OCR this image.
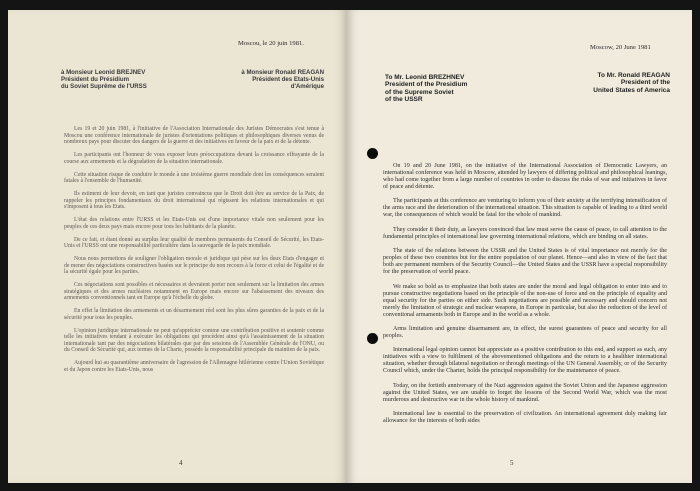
Moscou, le 20 juin 1981.
à Monsieur Leonid BREJNEV
Président du Présidium
du Soviet Suprême de l'URSS
à Monsieur Ronald REAGAN
Président des Etats-Unis
d'Amérique

Les 19 et 20 juin 1981, à l'initiative de l'Association Internationale des Juristes Démocrates s'est tenue à Moscou une conférence internationale de juristes d'orientations politiques et philosophiques diverses venus de nombreux pays pour discuter des dangers de la guerre et des initiatives en faveur de la paix et de la détente.

Les participants ont l'honneur de vous exposer leurs préoccupations devant la croissance effrayante de la course aux armements et la dégradation de la situation internationale.

Cette situation risque de conduire le monde à une troisième guerre mondiale dont les conséquences seraient fatales à l'ensemble de l'humanité.

Ils estiment de leur devoir, en tant que juristes convaincus que le Droit doit être au service de la Paix, de rappeler les principes fondamentaux du droit international qui régissent les relations internationales et qui s'imposent à tous les Etats.

L'état des relations entre l'URSS et les Etats-Unis est d'une importance vitale non seulement pour les peuples de ces deux pays mais encore pour tous les habitants de la planète.

De ce fait, et étant donné au surplus leur qualité de membres permanents du Conseil de Sécurité, les Etats-Unis et l'URSS ont une responsabilité particulière dans la sauvegarde de la paix mondiale.

Nous nous permettons de souligner l'obligation morale et juridique qui pèse sur les deux Etats d'engager et de mener des négociations constructives basées sur le principe du non recours à la force et celui de l'égalité et de la sécurité égale pour les parties.

Ces négociations sont possibles et nécessaires et devraient porter non seulement sur la limitation des armes stratégiques et des armes nucléaires notamment en Europe mais encore sur l'abaissement des niveaux des armements conventionnels tant en Europe qu'à l'échelle du globe.

En effet la limitation des armements et un désarmement réel sont les plus sûres garanties de la paix et de la sécurité pour tous les peuples.

L'opinion juridique internationale ne peut qu'apprécier comme une contribution positive et soutenir comme telle les initiatives tendant à exécuter les obligations qui procèdent ainsi qu'à l'assainissement de la situation internationale tant par des négociations bilatérales que par des sessions de l'Assemblée Générale de l'ONU, ou du Conseil de Sécurité qui, aux termes de la Charte, possède la responsabilité principale du maintien de la paix.

Aujourd hui au quarantième anniversaire de l'agression de l'Allemagne hitlérienne contre l'Union Soviétique et du Japon contre les Etats-Unis, nous

4
Moscow, 20 June 1981
To Mr. Leonid BREZHNEV
President of the Presidium
of the Supreme Soviet
of the USSR
To Mr. Ronald REAGAN
President of the
United States of America

On 19 and 20 June 1981, on the initiative of the International Association of Democratic Lawyers, an international conference was held in Moscow, attended by lawyers of differing political and philosophical leanings, who had come together from a large number of countries in order to discuss the risks of war and initiatives in favor of peace and détente.

The participants at this conference are venturing to inform you of their anxiety at the terrifying intensification of the arms race and the deterioration of the international situation. This situation is capable of leading to a third world war, the consequences of which would be fatal for the whole of mankind.

They consider it their duty, as lawyers convinced that law must serve the cause of peace, to call attention to the fundamental principles of international law governing international relations, which are binding on all states.

The state of the relations between the USSR and the United States is of vital importance not merely for the peoples of these two countries but for the entire population of our planet. Hence—and also in view of the fact that both are permanent members of the Security Council—the United States and the USSR have a special responsibility for the preservation of world peace.

We make so bold as to emphasize that both states are under the moral and legal obligation to enter into and to pursue constructive negotiations based on the principle of the non-use of force and on the principle of equality and equal security for the parties on either side. Such negotiations are possible and necessary and should concern not merely the limitation of strategic and nuclear weapons, in Europe in particular, but also the reduction of the level of conventional armaments both in Europe and in the world as a whole.

Arms limitation and genuine disarmament are, in effect, the surest guarantees of peace and security for all peoples.

International legal opinion cannot but appreciate as a positive contribution to this end, and support as such, any initiatives with a view to fulfilment of the abovementioned obligations and the return to a healthier international situation, whether through bilateral negotiation or through meetings of the UN General Assembly, or of the Security Council which, under the Charter, holds the principal responsibility for the maintenance of peace.

Today, on the fortieth anniversary of the Nazi aggression against the Soviet Union and the Japanese aggression against the United States, we are unable to forget the lessons of the Second World War, which was the most murderous and destructive war in the whole history of mankind.

International law is essential to the preservation of civilization. An international agreement duly making fair allowance for the interests of both sides

5
